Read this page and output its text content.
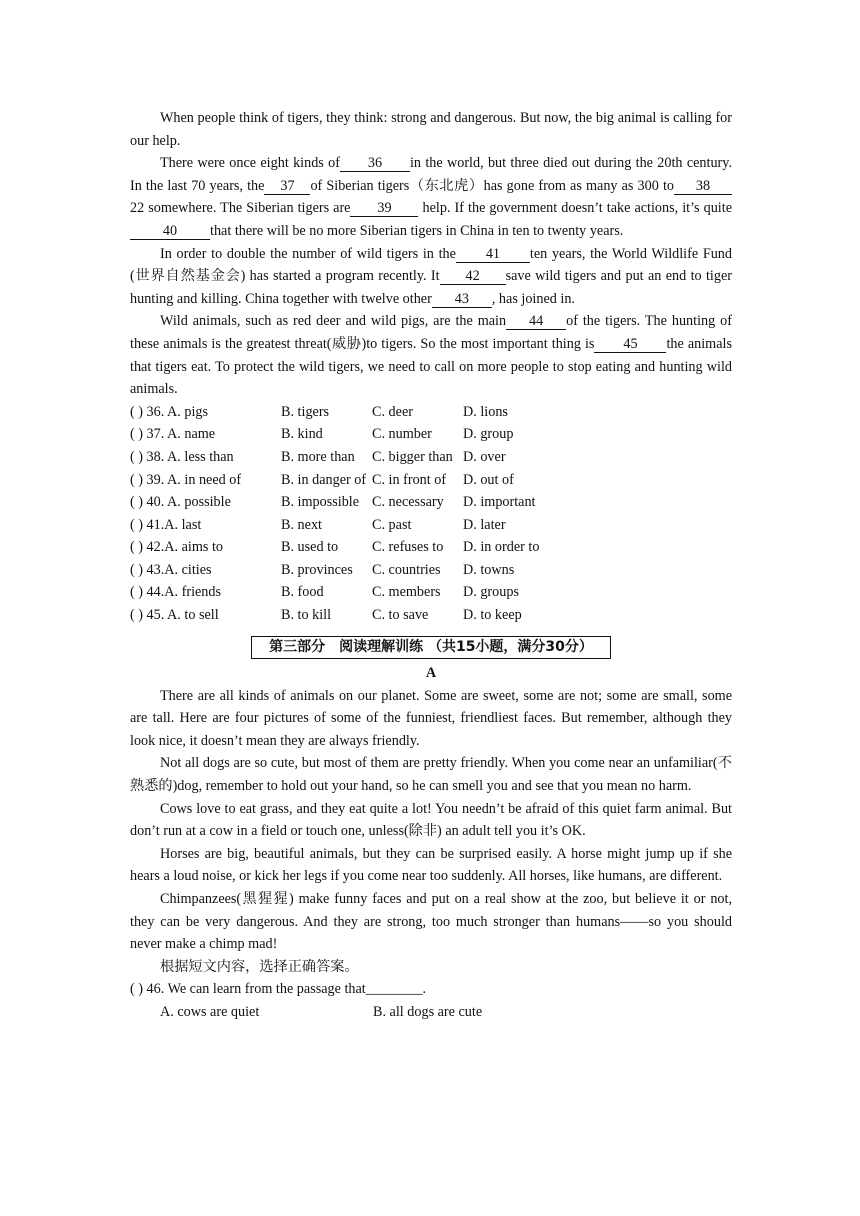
When people think of tigers, they think: strong and dangerous. But now, the big animal is calling for our help.

There were once eight kinds of 36 in the world, but three died out during the 20th century. In the last 70 years, the 37 of Siberian tigers（东北虎）has gone from as many as 300 to 3822 somewhere. The Siberian tigers are 39 help. If the government doesn’t take actions, it’s quite40 that there will be no more Siberian tigers in China in ten to twenty years.

In order to double the number of wild tigers in the 41 ten years, the World Wildlife Fund (世界自然基金会) has started a program recently. It 42 save wild tigers and put an end to tiger hunting and killing. China together with twelve other 43 , has joined in.

Wild animals, such as red deer and wild pigs, are the main 44 of the tigers. The hunting of these animals is the greatest threat(威胁)to tigers. So the most important thing is 45 the animals that tigers eat. To protect the wild tigers, we need to call on more people to stop eating and hunting wild animals.

( ) 36. A. pigs	B. tigers	C. deer	D. lions
( ) 37. A. name	B. kind	C. number	D. group
( ) 38. A. less than	B. more than	C. bigger than D. over
( ) 39. A. in need of	B. in danger of C. in front of	D. out of
( ) 40. A. possible	B. impossible C. necessary	D. important
( ) 41.A. last	B. next	C. past	D. later
( ) 42.A. aims to	B. used to	C. refuses to	D. in order to
( ) 43.A. cities	B. provinces	C. countries	D. towns
( ) 44.A. friends	B. food	C. members	D. groups
( ) 45. A. to sell	B. to kill	C. to save	D. to keep
第三部分　阅读理解训练 （共15小题，满分30分）
A

There are all kinds of animals on our planet. Some are sweet, some are not; some are small, some are tall. Here are four pictures of some of the funniest, friendliest faces. But remember, although they look nice, it doesn’t mean they are always friendly.

Not all dogs are so cute, but most of them are pretty friendly. When you come near an unfamiliar(不熟悉的)dog, remember to hold out your hand, so he can smell you and see that you mean no harm.

Cows love to eat grass, and they eat quite a lot! You needn’t be afraid of this quiet farm animal. But don’t run at a cow in a field or touch one, unless(除非) an adult tell you it’s OK.

Horses are big, beautiful animals, but they can be surprised easily. A horse might jump up if she hears a loud noise, or kick her legs if you come near too suddenly. All horses, like humans, are different.

Chimpanzees(黑猩猩) make funny faces and put on a real show at the zoo, but believe it or not, they can be very dangerous. And they are strong, too much stronger than humans——so you should never make a chimp mad!

根据短文内容，选择正确答案。

( ) 46. We can learn from the passage that________.
A. cows are quiet	B. all dogs are cute
